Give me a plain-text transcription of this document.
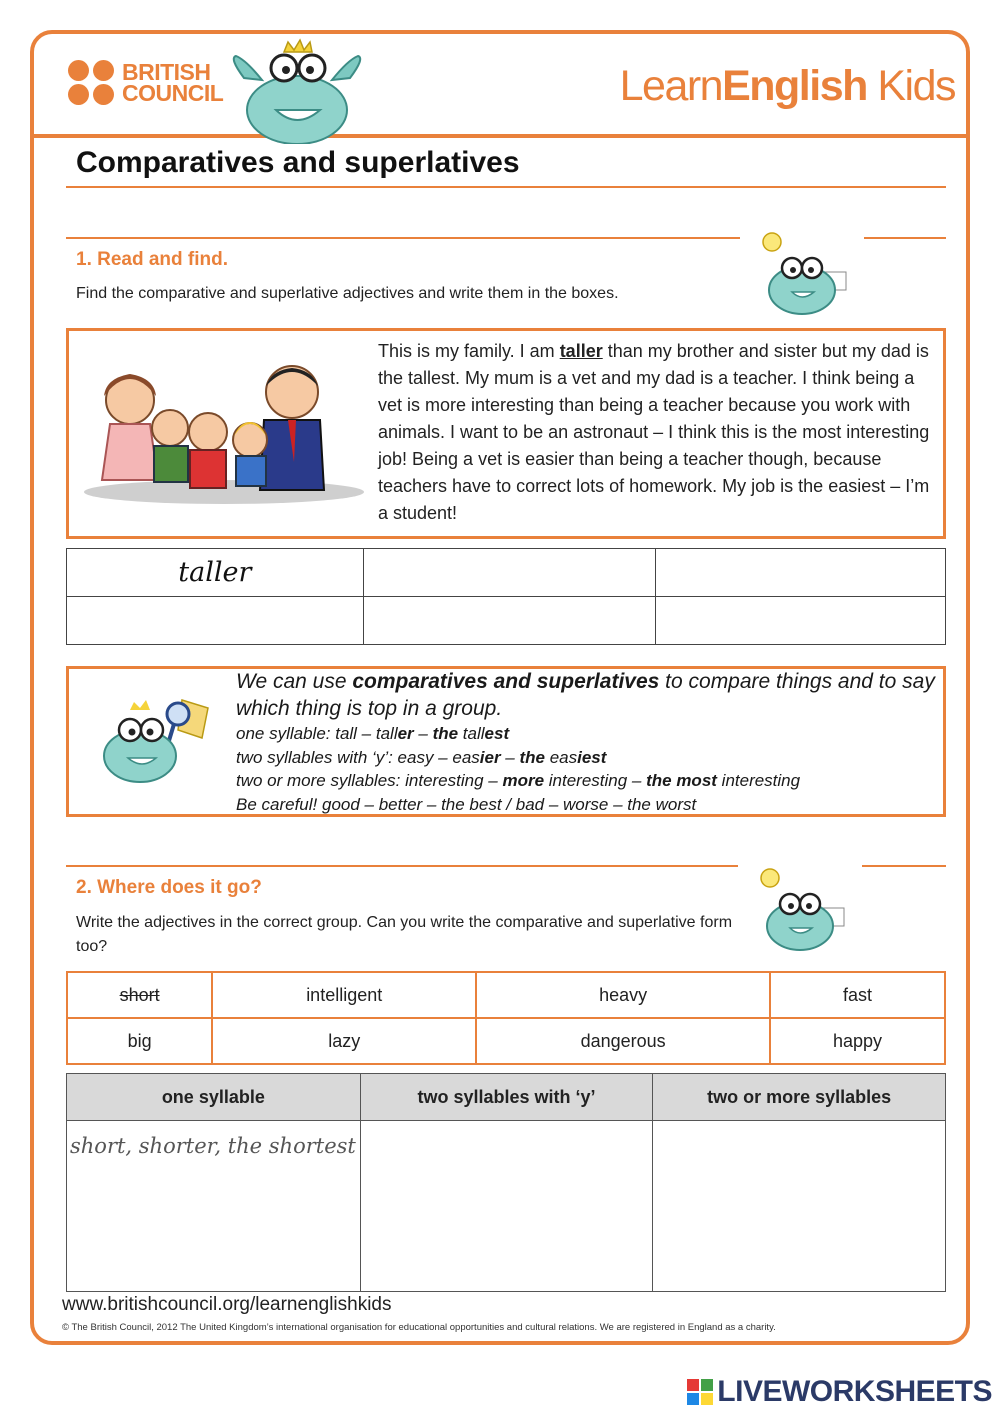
BRITISH
COUNCIL	LearnEnglish Kids
Comparatives and superlatives
1. Read and find.
Find the comparative and superlative adjectives and write them in the boxes.
This is my family. I am taller than my brother and sister but my dad is the tallest. My mum is a vet and my dad is a teacher. I think being a vet is more interesting than being a teacher because you work with animals. I want to be an astronaut – I think this is the most interesting job! Being a vet is easier than being a teacher though, because teachers have to correct lots of homework. My job is the easiest – I’m a student!
taller		

We can use comparatives and superlatives to compare things and to say which thing is top in a group.
one syllable: tall – taller – the tallest
two syllables with ‘y’: easy – easier – the easiest
two or more syllables: interesting – more interesting – the most interesting
Be careful! good – better – the best / bad – worse – the worst
2. Where does it go?
Write the adjectives in the correct group. Can you write the comparative and superlative form too?
short	intelligent	heavy	fast
big	lazy	dangerous	happy
one syllable	two syllables with ‘y’	two or more syllables

short, shorter, the shortest		

www.britishcouncil.org/learnenglishkids
© The British Council, 2012 The United Kingdom’s international organisation for educational opportunities and cultural relations. We are registered in England as a charity.
LIVEWORKSHEETS
